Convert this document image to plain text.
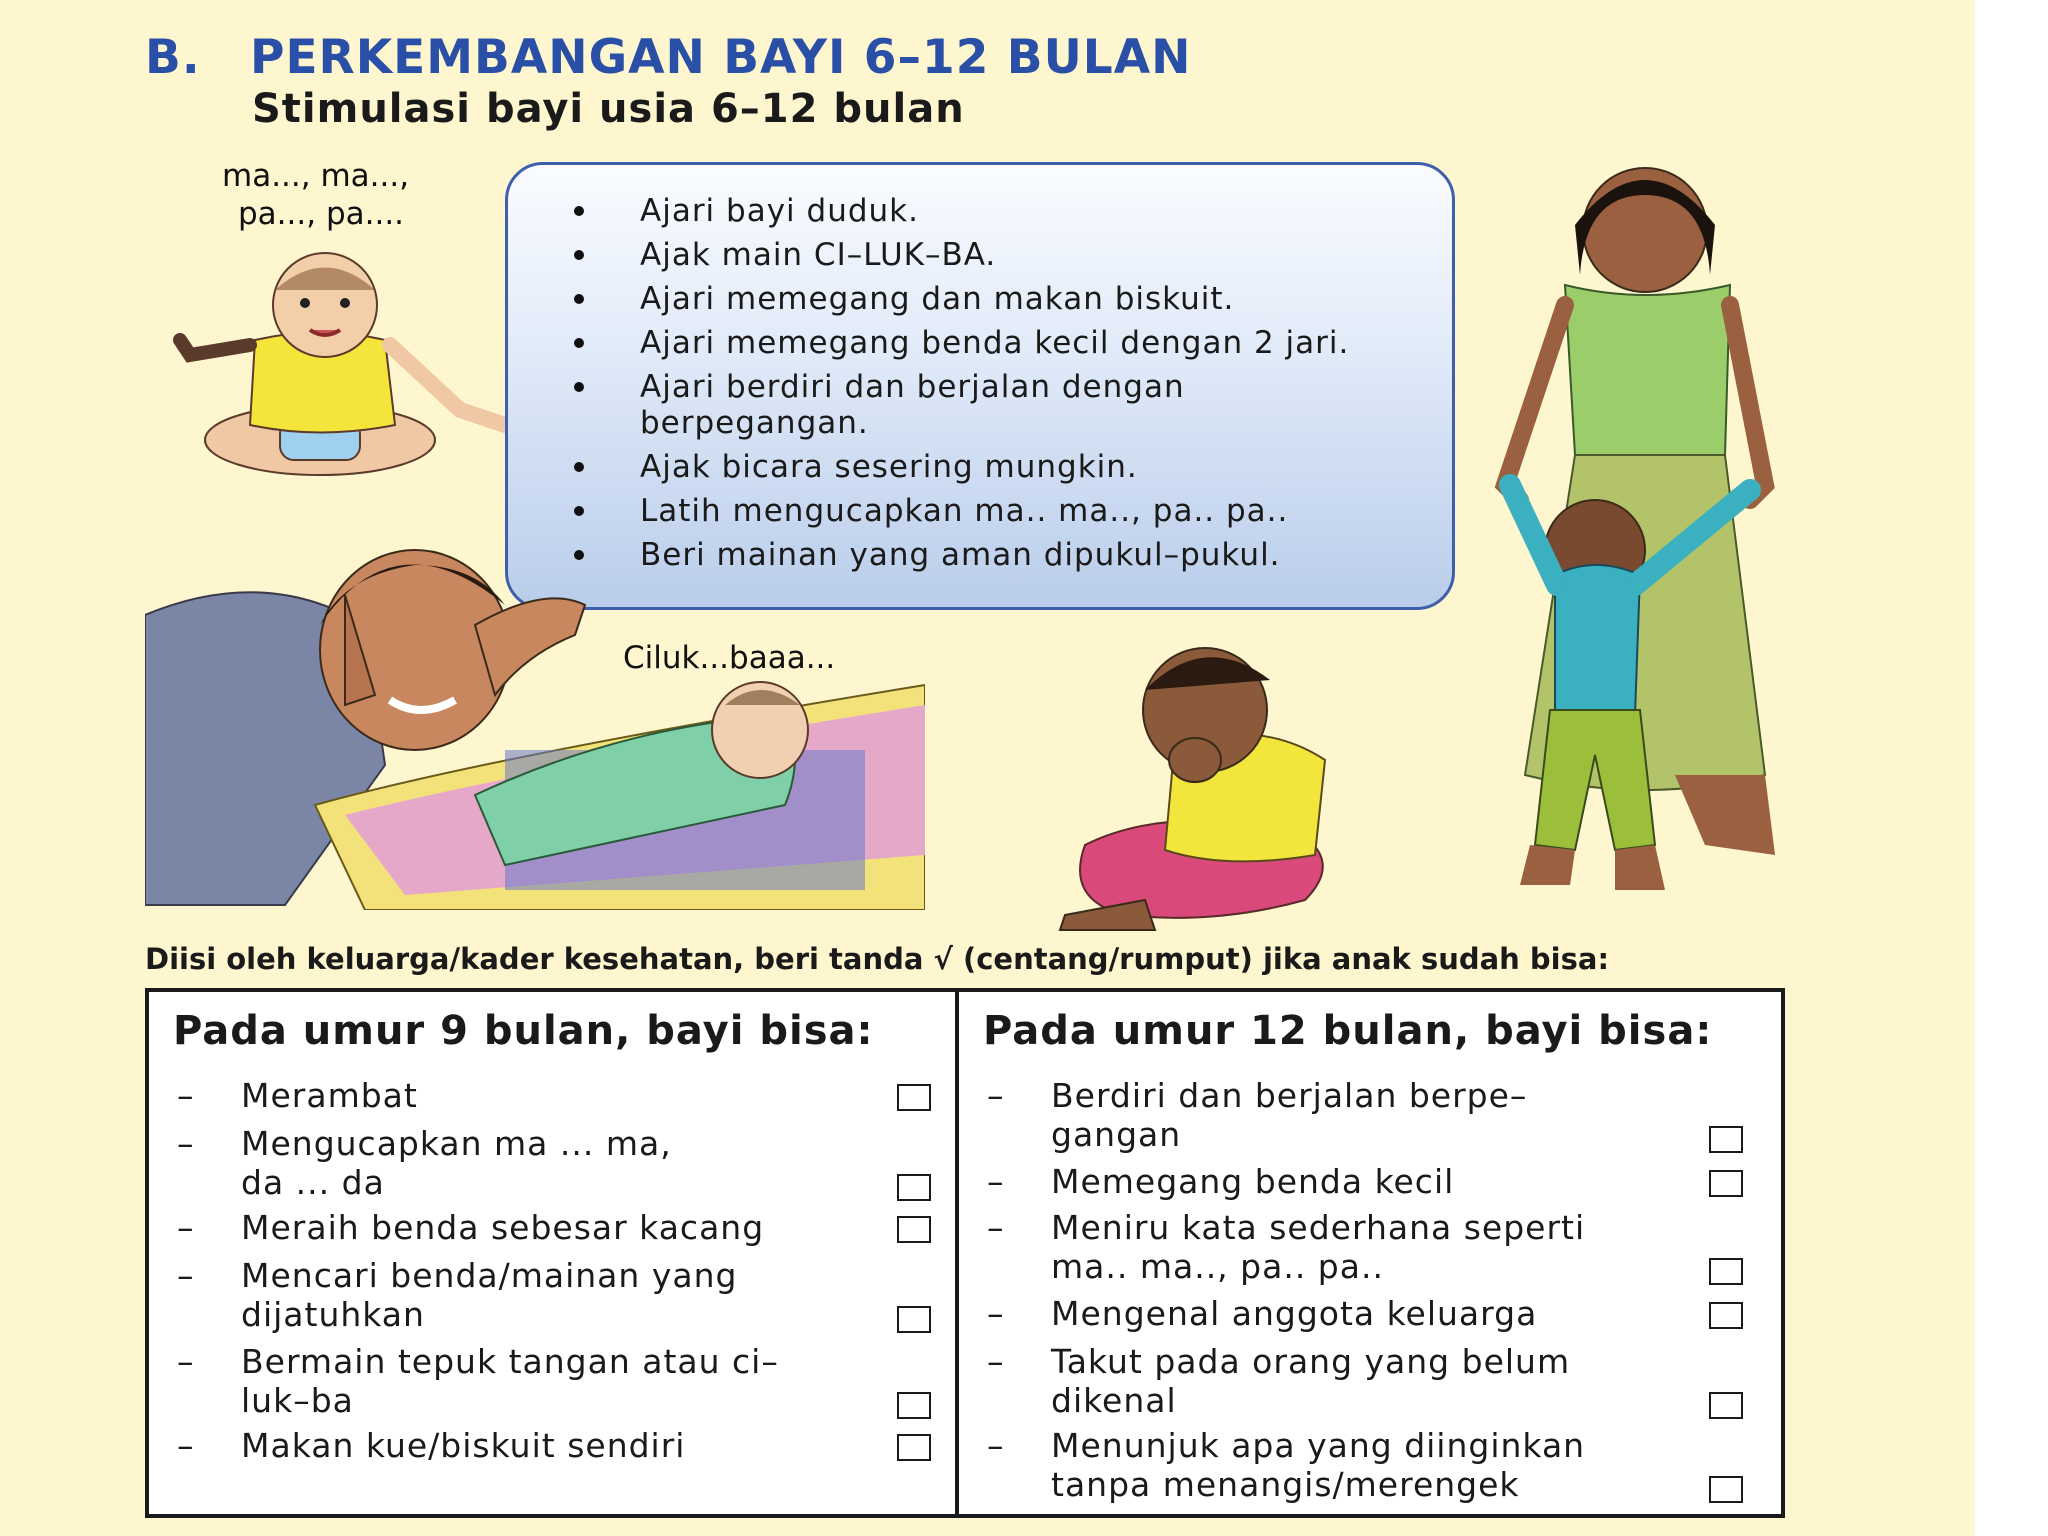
B. PERKEMBANGAN BAYI 6–12 BULAN
Stimulasi bayi usia 6–12 bulan
ma..., ma...,
pa..., pa....	Ajari bayi duduk.
Ajak main CI–LUK–BA.
Ajari memegang dan makan biskuit.
Ajari memegang benda kecil dengan 2 jari.
Ajari berdiri dan berjalan dengan berpegangan.
Ajak bicara sesering mungkin.
Latih mengucapkan ma.. ma.., pa.. pa..
Beri mainan yang aman dipukul–pukul.
Ciluk...baaa...
Diisi oleh keluarga/kader kesehatan, beri tanda √ (centang/rumput) jika anak sudah bisa:
Pada umur 9 bulan, bayi bisa:
– Merambat
– Mengucapkan ma ... ma,
da ... da
– Meraih benda sebesar kacang
– Mencari benda/mainan yang
dijatuhkan
– Bermain tepuk tangan atau ci–
luk–ba
– Makan kue/biskuit sendiri
Pada umur 12 bulan, bayi bisa:
– Berdiri dan berjalan berpe–
gangan
– Memegang benda kecil
– Meniru kata sederhana seperti
ma.. ma.., pa.. pa..
– Mengenal anggota keluarga
– Takut pada orang yang belum
dikenal
– Menunjuk apa yang diinginkan
tanpa menangis/merengek
